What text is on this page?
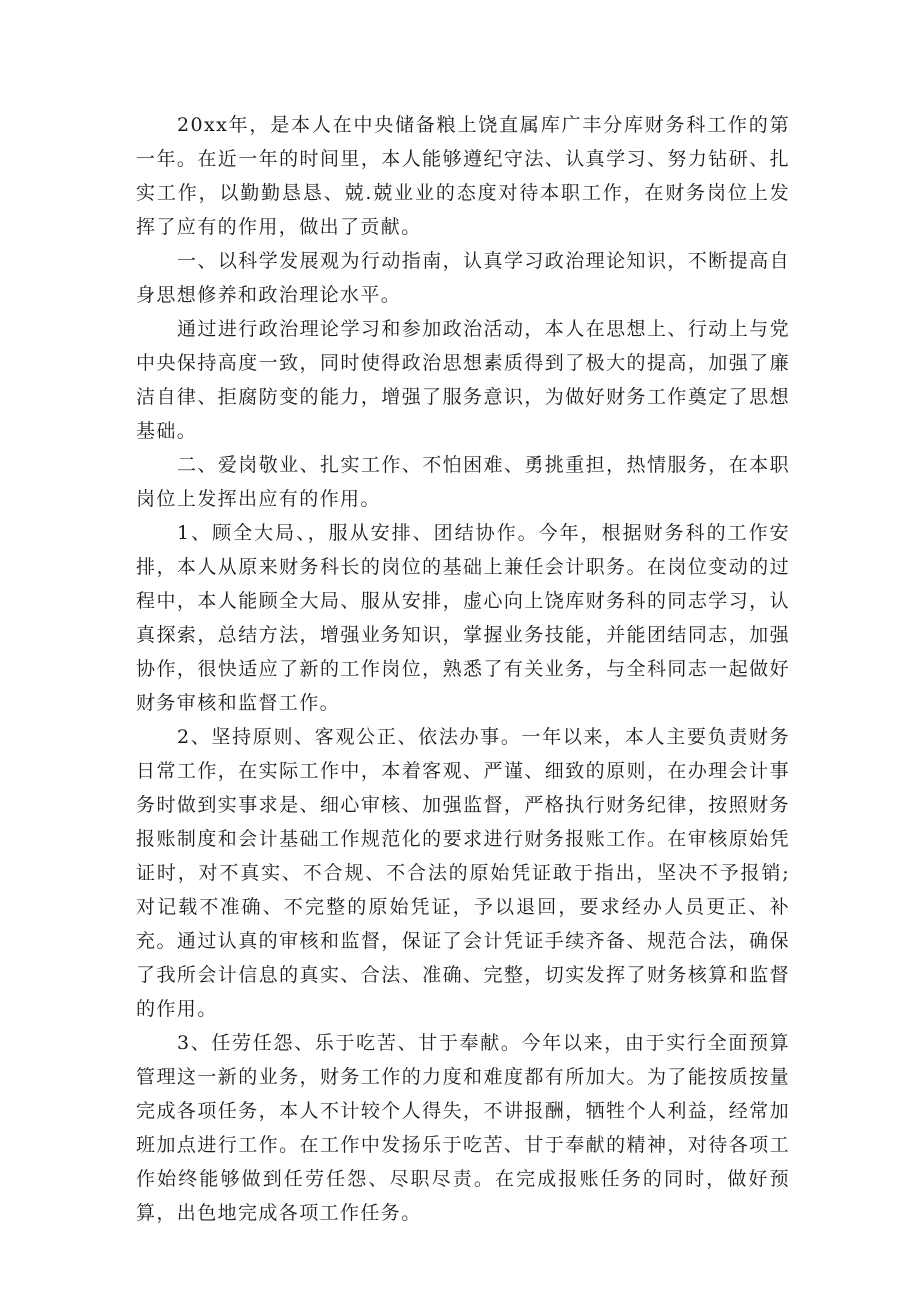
20xx年，是本人在中央储备粮上饶直属库广丰分库财务科工作的第一年。在近一年的时间里，本人能够遵纪守法、认真学习、努力钻研、扎实工作，以勤勤恳恳、兢.兢业业的态度对待本职工作，在财务岗位上发挥了应有的作用，做出了贡献。

一、以科学发展观为行动指南，认真学习政治理论知识，不断提高自身思想修养和政治理论水平。

通过进行政治理论学习和参加政治活动，本人在思想上、行动上与党中央保持高度一致，同时使得政治思想素质得到了极大的提高，加强了廉洁自律、拒腐防变的能力，增强了服务意识，为做好财务工作奠定了思想基础。

二、爱岗敬业、扎实工作、不怕困难、勇挑重担，热情服务，在本职岗位上发挥出应有的作用。

1、顾全大局、，服从安排、团结协作。今年，根据财务科的工作安排，本人从原来财务科长的岗位的基础上兼任会计职务。在岗位变动的过程中，本人能顾全大局、服从安排，虚心向上饶库财务科的同志学习，认真探索，总结方法，增强业务知识，掌握业务技能，并能团结同志，加强协作，很快适应了新的工作岗位，熟悉了有关业务，与全科同志一起做好财务审核和监督工作。

2、坚持原则、客观公正、依法办事。一年以来，本人主要负责财务日常工作，在实际工作中，本着客观、严谨、细致的原则，在办理会计事务时做到实事求是、细心审核、加强监督，严格执行财务纪律，按照财务报账制度和会计基础工作规范化的要求进行财务报账工作。在审核原始凭证时，对不真实、不合规、不合法的原始凭证敢于指出，坚决不予报销;对记载不准确、不完整的原始凭证，予以退回，要求经办人员更正、补充。通过认真的审核和监督，保证了会计凭证手续齐备、规范合法，确保了我所会计信息的真实、合法、准确、完整，切实发挥了财务核算和监督的作用。

3、任劳任怨、乐于吃苦、甘于奉献。今年以来，由于实行全面预算管理这一新的业务，财务工作的力度和难度都有所加大。为了能按质按量完成各项任务，本人不计较个人得失，不讲报酬，牺牲个人利益，经常加班加点进行工作。在工作中发扬乐于吃苦、甘于奉献的精神，对待各项工作始终能够做到任劳任怨、尽职尽责。在完成报账任务的同时，做好预算，出色地完成各项工作任务。
